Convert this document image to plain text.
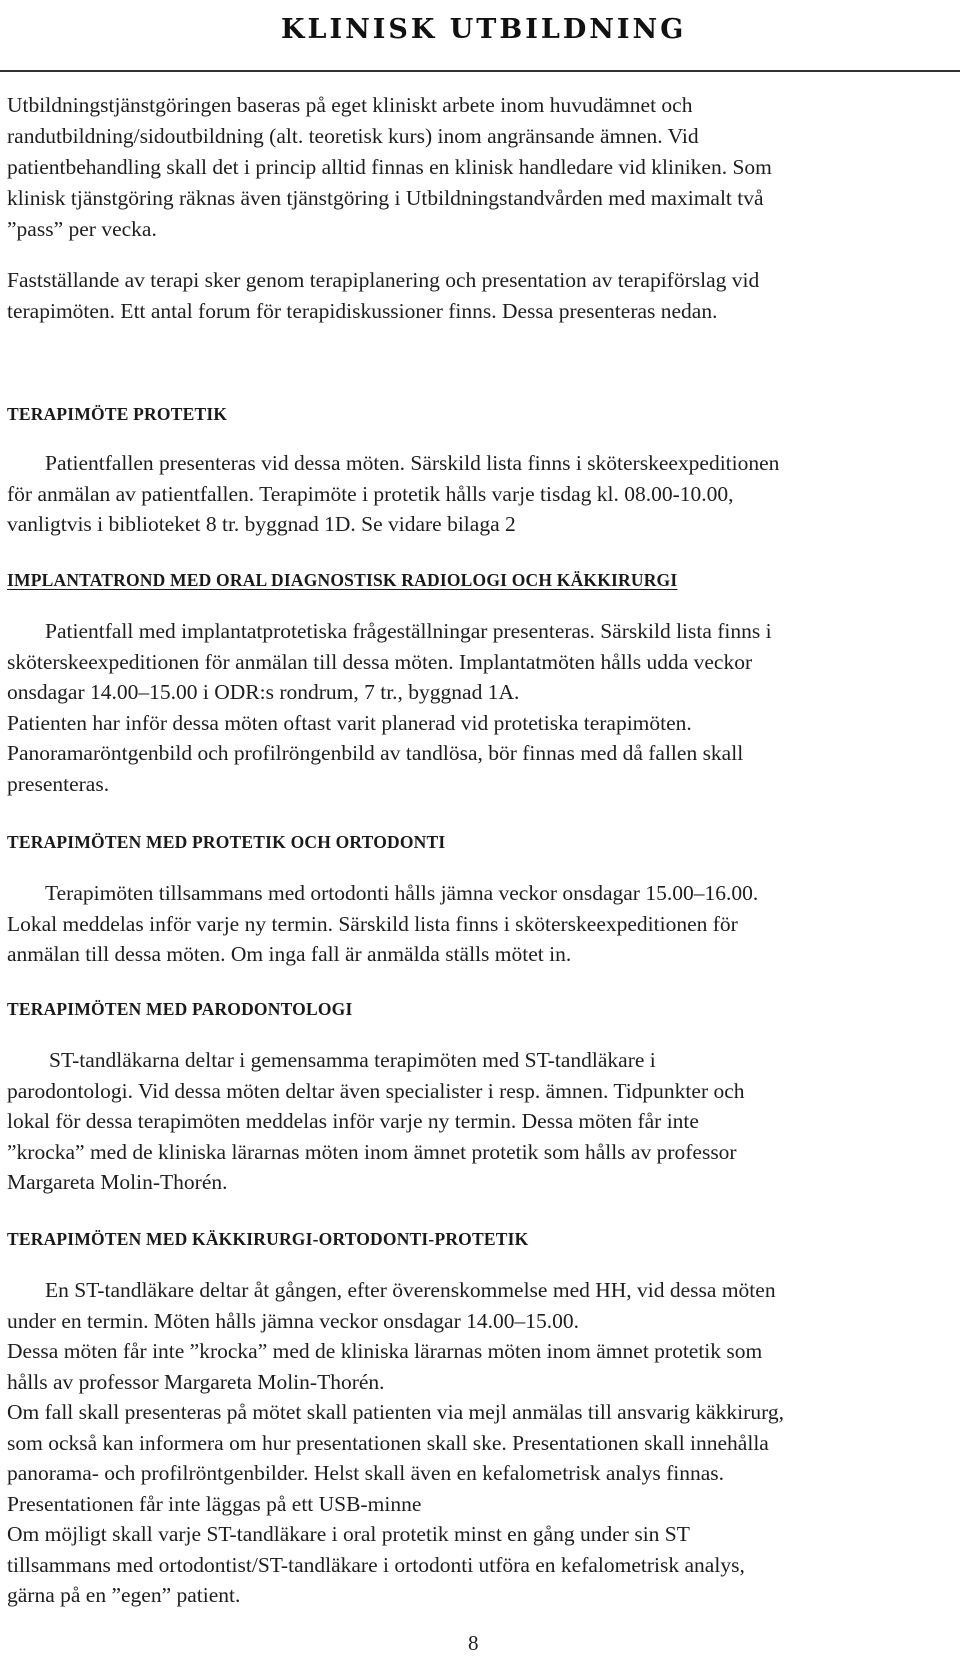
KLINISK UTBILDNING
Utbildningstjänstgöringen baseras på eget kliniskt arbete inom huvudämnet och
randutbildning/sidoutbildning (alt. teoretisk kurs) inom angränsande ämnen. Vid
patientbehandling skall det i princip alltid finnas en klinisk handledare vid kliniken. Som
klinisk tjänstgöring räknas även tjänstgöring i Utbildningstandvården med maximalt två
”pass” per vecka.
Fastställande av terapi sker genom terapiplanering och presentation av terapiförslag vid
terapimöten. Ett antal forum för terapidiskussioner finns. Dessa presenteras nedan.
TERAPIMÖTE PROTETIK
Patientfallen presenteras vid dessa möten. Särskild lista finns i sköterskeexpeditionen
för anmälan av patientfallen. Terapimöte i protetik hålls varje tisdag kl. 08.00-10.00,
vanligtvis i biblioteket 8 tr. byggnad 1D. Se vidare bilaga 2
IMPLANTATROND MED ORAL DIAGNOSTISK RADIOLOGI OCH KÄKKIRURGI
Patientfall med implantatprotetiska frågeställningar presenteras. Särskild lista finns i
sköterskeexpeditionen för anmälan till dessa möten. Implantatmöten hålls udda veckor
onsdagar 14.00–15.00 i ODR:s rondrum, 7 tr., byggnad 1A.
Patienten har inför dessa möten oftast varit planerad vid protetiska terapimöten.
Panoramaröntgenbild och profilröngenbild av tandlösa, bör finnas med då fallen skall
presenteras.
TERAPIMÖTEN MED PROTETIK OCH ORTODONTI
Terapimöten tillsammans med ortodonti hålls jämna veckor onsdagar 15.00–16.00.
Lokal meddelas inför varje ny termin. Särskild lista finns i sköterskeexpeditionen för
anmälan till dessa möten. Om inga fall är anmälda ställs mötet in.
TERAPIMÖTEN MED PARODONTOLOGI
ST-tandläkarna deltar i gemensamma terapimöten med ST-tandläkare i
parodontologi. Vid dessa möten deltar även specialister i resp. ämnen. Tidpunkter och
lokal för dessa terapimöten meddelas inför varje ny termin. Dessa möten får inte
”krocka” med de kliniska lärarnas möten inom ämnet protetik som hålls av professor
Margareta Molin-Thorén.
TERAPIMÖTEN MED KÄKKIRURGI-ORTODONTI-PROTETIK
En ST-tandläkare deltar åt gången, efter överenskommelse med HH, vid dessa möten
under en termin. Möten hålls jämna veckor onsdagar 14.00–15.00.
Dessa möten får inte ”krocka” med de kliniska lärarnas möten inom ämnet protetik som
hålls av professor Margareta Molin-Thorén.
Om fall skall presenteras på mötet skall patienten via mejl anmälas till ansvarig käkkirurg,
som också kan informera om hur presentationen skall ske. Presentationen skall innehålla
panorama- och profilröntgenbilder. Helst skall även en kefalometrisk analys finnas.
Presentationen får inte läggas på ett USB-minne
Om möjligt skall varje ST-tandläkare i oral protetik minst en gång under sin ST
tillsammans med ortodontist/ST-tandläkare i ortodonti utföra en kefalometrisk analys,
gärna på en ”egen” patient.
8
